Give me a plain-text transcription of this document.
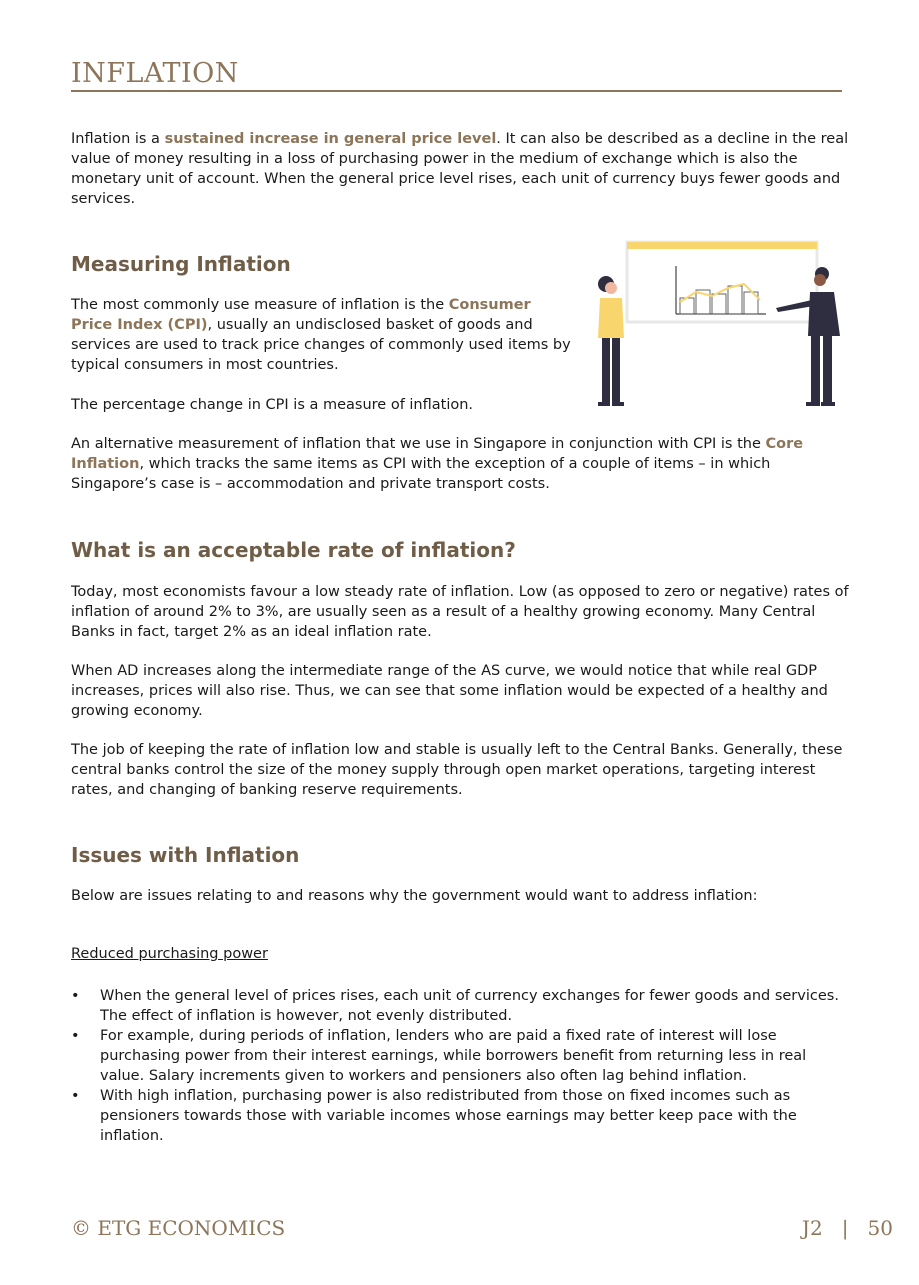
INFLATION

Inflation is a sustained increase in general price level. It can also be described as a decline in the real value of money resulting in a loss of purchasing power in the medium of exchange which is also the monetary unit of account. When the general price level rises, each unit of currency buys fewer goods and services.

Measuring Inflation

The most commonly use measure of inflation is the Consumer Price Index (CPI), usually an undisclosed basket of goods and services are used to track price changes of commonly used items by typical consumers in most countries.

The percentage change in CPI is a measure of inflation.

An alternative measurement of inflation that we use in Singapore in conjunction with CPI is the Core Inflation, which tracks the same items as CPI with the exception of a couple of items – in which Singapore’s case is – accommodation and private transport costs.

What is an acceptable rate of inflation?

Today, most economists favour a low steady rate of inflation. Low (as opposed to zero or negative) rates of inflation of around 2% to 3%, are usually seen as a result of a healthy growing economy. Many Central Banks in fact, target 2% as an ideal inflation rate.

When AD increases along the intermediate range of the AS curve, we would notice that while real GDP increases, prices will also rise. Thus, we can see that some inflation would be expected of a healthy and growing economy.

The job of keeping the rate of inflation low and stable is usually left to the Central Banks. Generally, these central banks control the size of the money supply through open market operations, targeting interest rates, and changing of banking reserve requirements.

Issues with Inflation

Below are issues relating to and reasons why the government would want to address inflation:

Reduced purchasing power
• When the general level of prices rises, each unit of currency exchanges for fewer goods and services. The effect of inflation is however, not evenly distributed.
• For example, during periods of inflation, lenders who are paid a fixed rate of interest will lose purchasing power from their interest earnings, while borrowers benefit from returning less in real value. Salary increments given to workers and pensioners also often lag behind inflation.
• With high inflation, purchasing power is also redistributed from those on fixed incomes such as pensioners towards those with variable incomes whose earnings may better keep pace with the inflation.
© ETG ECONOMICS	J2   |   50
